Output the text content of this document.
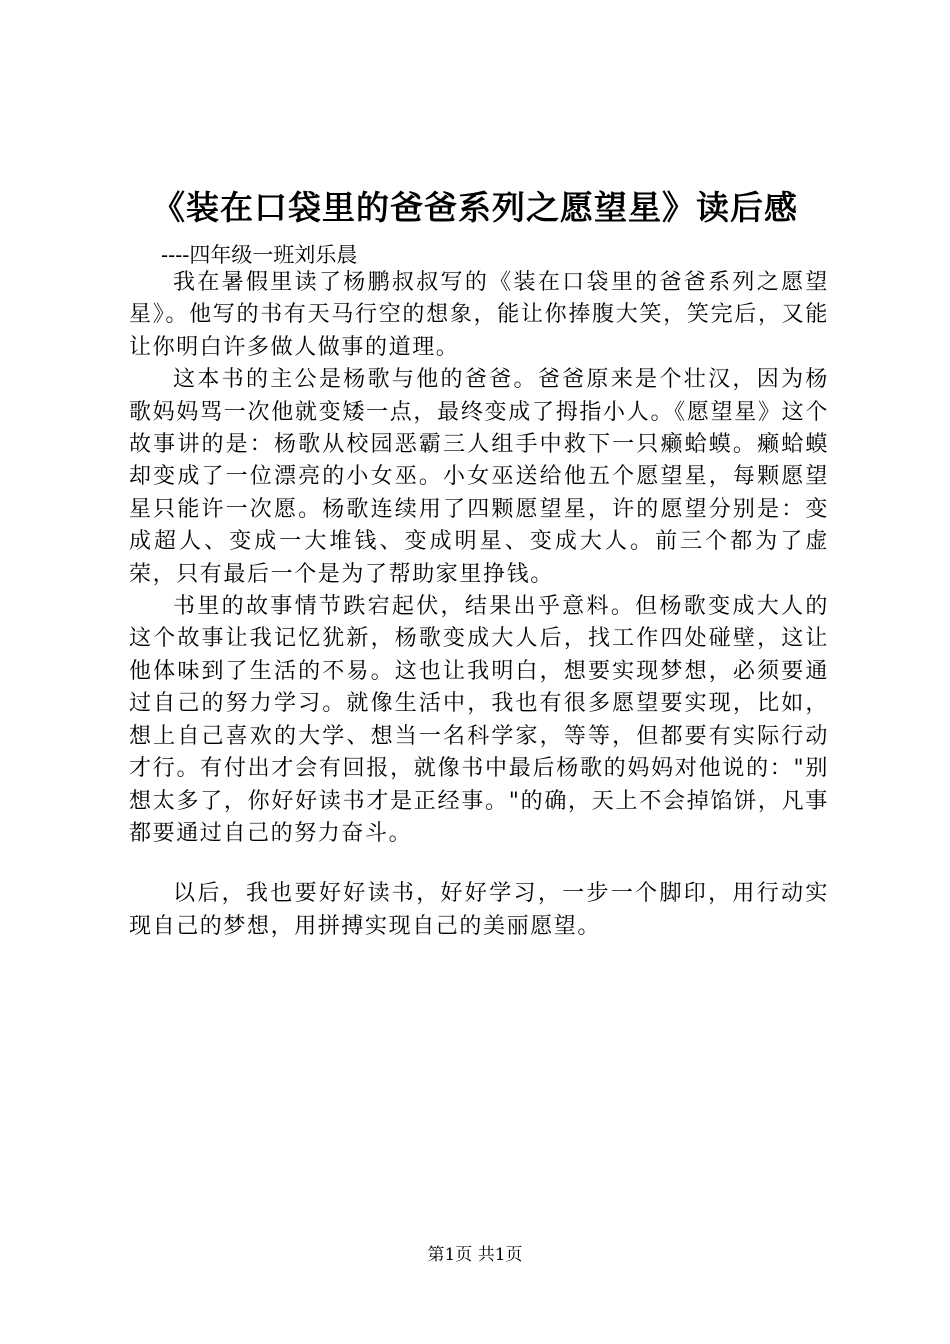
《装在口袋里的爸爸系列之愿望星》读后感
----四年级一班刘乐晨

我在暑假里读了杨鹏叔叔写的《装在口袋里的爸爸系列之愿望星》。他写的书有天马行空的想象，能让你捧腹大笑，笑完后，又能让你明白许多做人做事的道理。

这本书的主公是杨歌与他的爸爸。爸爸原来是个壮汉，因为杨歌妈妈骂一次他就变矮一点，最终变成了拇指小人。《愿望星》这个故事讲的是：杨歌从校园恶霸三人组手中救下一只癞蛤蟆。癞蛤蟆却变成了一位漂亮的小女巫。小女巫送给他五个愿望星，每颗愿望星只能许一次愿。杨歌连续用了四颗愿望星，许的愿望分别是：变成超人、变成一大堆钱、变成明星、变成大人。前三个都为了虚荣，只有最后一个是为了帮助家里挣钱。

书里的故事情节跌宕起伏，结果出乎意料。但杨歌变成大人的这个故事让我记忆犹新，杨歌变成大人后，找工作四处碰壁，这让他体味到了生活的不易。这也让我明白，想要实现梦想，必须要通过自己的努力学习。就像生活中，我也有很多愿望要实现，比如，想上自己喜欢的大学、想当一名科学家，等等，但都要有实际行动才行。有付出才会有回报，就像书中最后杨歌的妈妈对他说的："别想太多了，你好好读书才是正经事。"的确，天上不会掉馅饼，凡事都要通过自己的努力奋斗。

以后，我也要好好读书，好好学习，一步一个脚印，用行动实现自己的梦想，用拼搏实现自己的美丽愿望。

第1页 共1页
